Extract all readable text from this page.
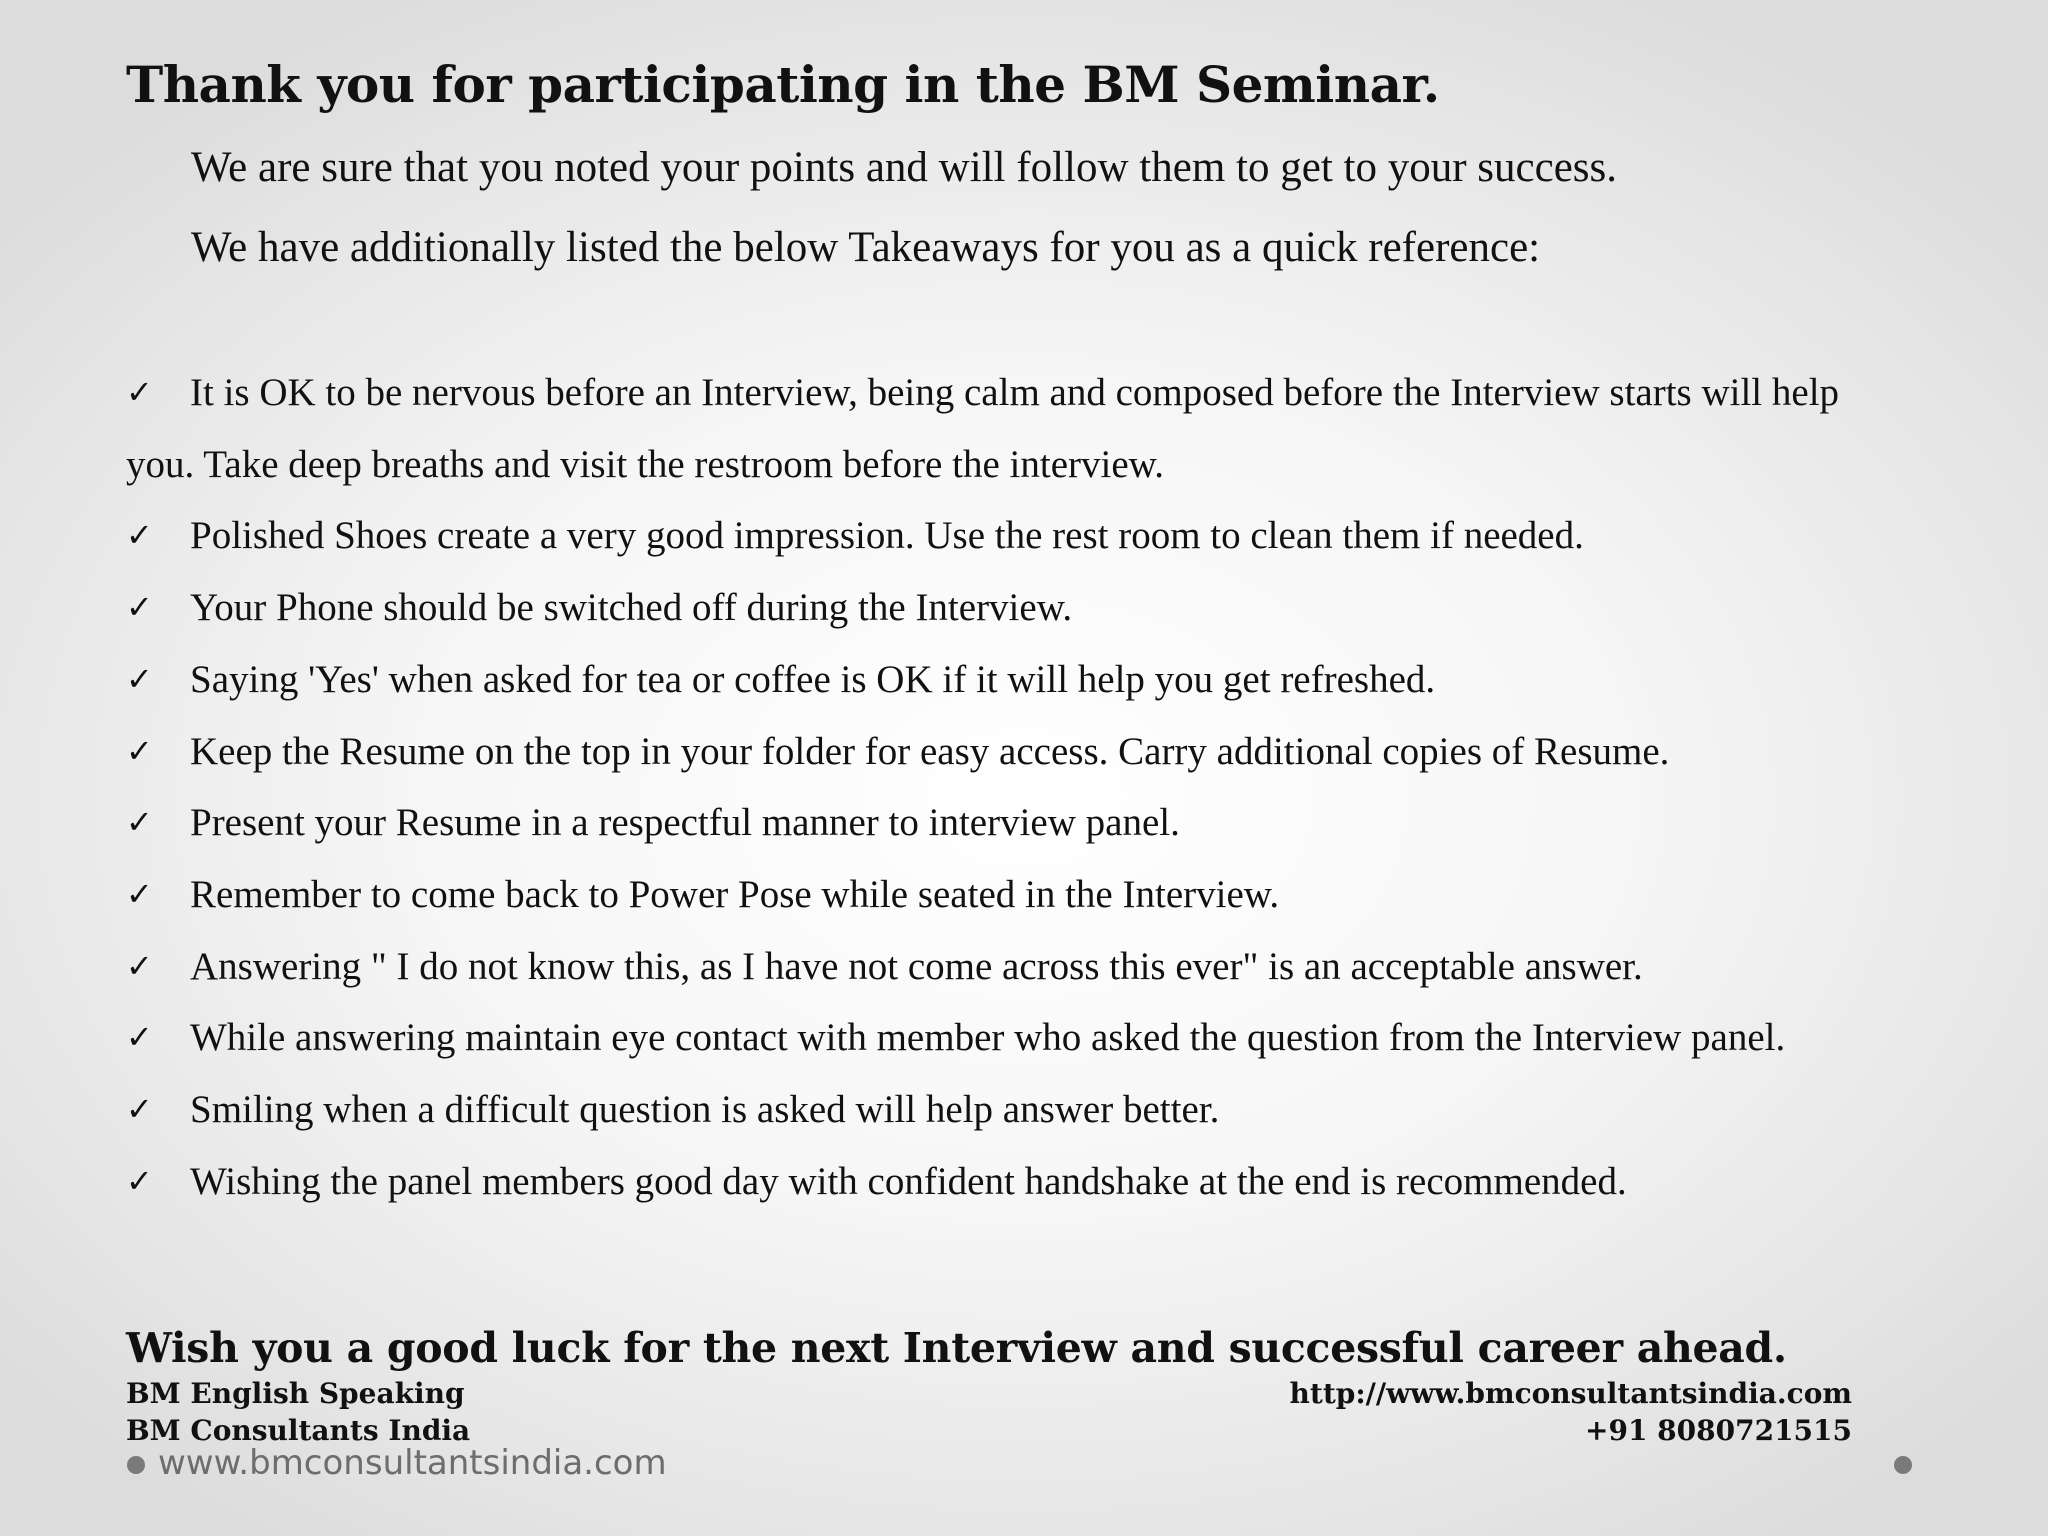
Thank you for participating in the BM Seminar.

We are sure that you noted your points and will follow them to get to your success.

We have additionally listed the below Takeaways for you as a quick reference:

✓ It is OK to be nervous before an Interview, being calm and composed before the Interview starts will help you. Take deep breaths and visit the restroom before the interview.
✓ Polished Shoes create a very good impression. Use the rest room to clean them if needed.
✓ Your Phone should be switched off during the Interview.
✓ Saying 'Yes' when asked for tea or coffee is OK if it will help you get refreshed.
✓ Keep the Resume on the top in your folder for easy access. Carry additional copies of Resume.
✓ Present your Resume in a respectful manner to interview panel.
✓ Remember to come back to Power Pose while seated in the Interview.
✓ Answering " I do not know this, as I have not come across this ever" is an acceptable answer.
✓ While answering maintain eye contact with member who asked the question from the Interview panel.
✓ Smiling when a difficult question is asked will help answer better.
✓ Wishing the panel members good day with confident handshake at the end is recommended.

Wish you a good luck for the next Interview and successful career ahead.

BM English Speaking
BM Consultants India
http://www.bmconsultantsindia.com
+91 8080721515
www.bmconsultantsindia.com
